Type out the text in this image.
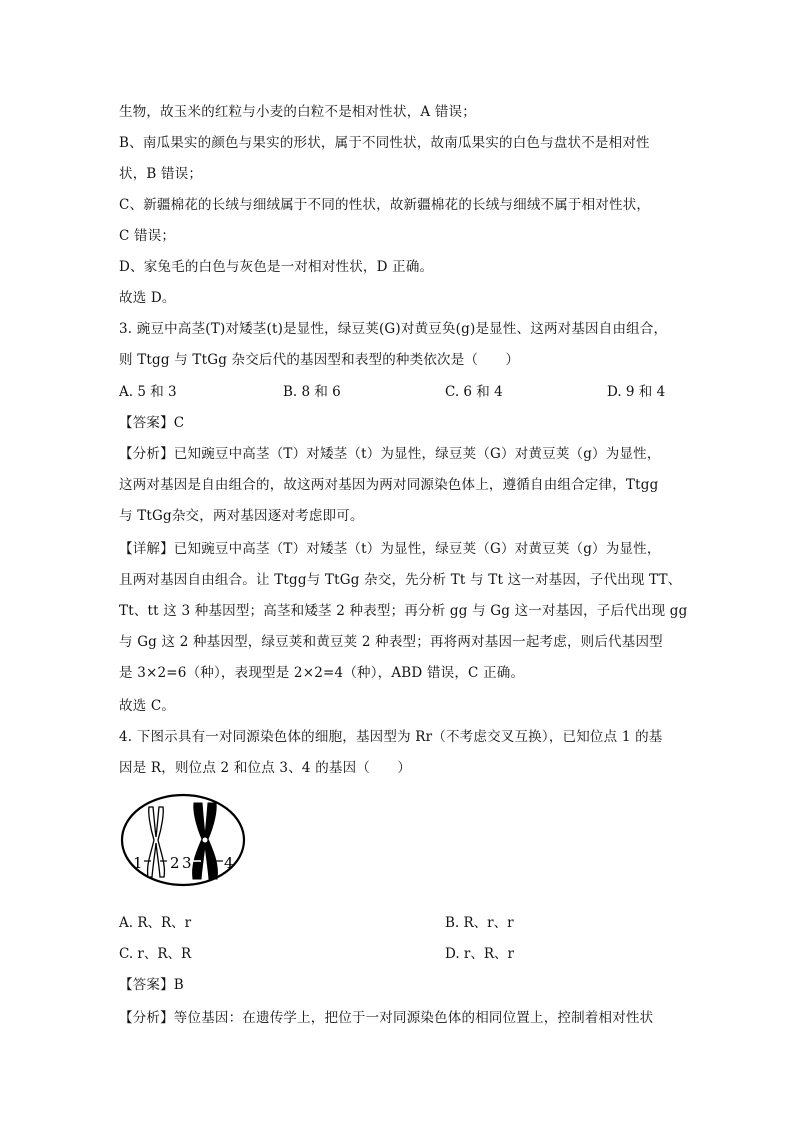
生物，故玉米的红粒与小麦的白粒不是相对性状，A 错误；
B、南瓜果实的颜色与果实的形状，属于不同性状，故南瓜果实的白色与盘状不是相对性
状，B 错误；
C、新疆棉花的长绒与细绒属于不同的性状，故新疆棉花的长绒与细绒不属于相对性状，
C 错误；
D、家兔毛的白色与灰色是一对相对性状，D 正确。
故选 D。
3. 豌豆中高茎(T)对矮茎(t)是显性，绿豆荚(G)对黄豆奂(g)是显性、这两对基因自由组合，
则 Ttgg 与 TtGg 杂交后代的基因型和表型的种类依次是（　　）
A. 5 和 3	B. 8 和 6	C. 6 和 4	D. 9 和 4
【答案】C
【分析】已知豌豆中高茎（T）对矮茎（t）为显性，绿豆荚（G）对黄豆荚（g）为显性，
这两对基因是自由组合的，故这两对基因为两对同源染色体上，遵循自由组合定律，Ttgg
与 TtGg杂交，两对基因逐对考虑即可。
【详解】已知豌豆中高茎（T）对矮茎（t）为显性，绿豆荚（G）对黄豆荚（g）为显性，
且两对基因自由组合。让 Ttgg与 TtGg 杂交，先分析 Tt 与 Tt 这一对基因，子代出现 TT、
Tt、tt 这 3 种基因型；高茎和矮茎 2 种表型；再分析 gg 与 Gg 这一对基因，子后代出现 gg
与 Gg 这 2 种基因型，绿豆荚和黄豆荚 2 种表型；再将两对基因一起考虑，则后代基因型
是 3×2=6（种），表现型是 2×2=4（种），ABD 错误，C 正确。
故选 C。
4. 下图示具有一对同源染色体的细胞，基因型为 Rr（不考虑交叉互换），已知位点 1 的基
因是 R，则位点 2 和位点 3、4 的基因（　　）
1 2 3 4
A. R、R、r	B. R、r、r
C. r、R、R	D. r、R、r
【答案】B
【分析】等位基因：在遗传学上，把位于一对同源染色体的相同位置上，控制着相对性状
